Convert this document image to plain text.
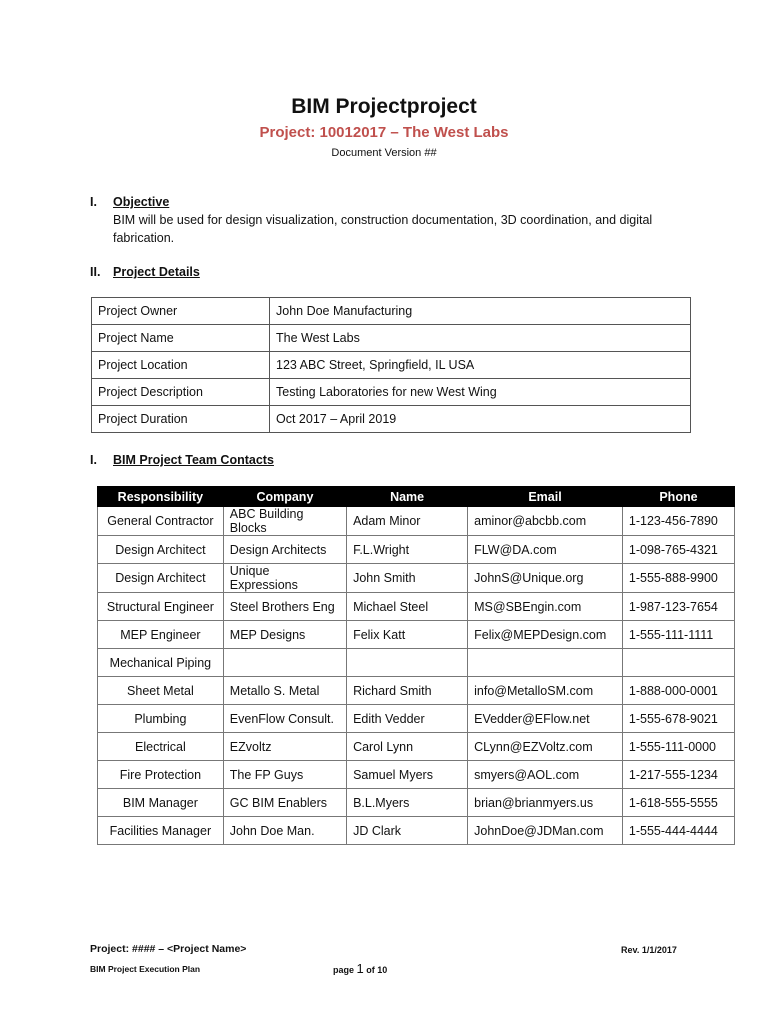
BIM Projectproject
Project: 10012017 – The West Labs
Document Version ##
I.	Objective
BIM will be used for design visualization, construction documentation, 3D coordination, and digital fabrication.
II.	Project Details
Project Owner	John Doe Manufacturing
Project Name	The West Labs
Project Location	123 ABC Street, Springfield, IL USA
Project Description	Testing Laboratories for new West Wing
Project Duration	Oct 2017 – April 2019
I.	BIM Project Team Contacts
Responsibility	Company	Name	Email	Phone
General Contractor	ABC Building Blocks	Adam Minor	aminor@abcbb.com	1-123-456-7890
Design Architect	Design Architects	F.L.Wright	FLW@DA.com	1-098-765-4321
Design Architect	Unique Expressions	John Smith	JohnS@Unique.org	1-555-888-9900
Structural Engineer	Steel Brothers Eng	Michael Steel	MS@SBEngin.com	1-987-123-7654
MEP Engineer	MEP Designs	Felix Katt	Felix@MEPDesign.com	1-555-111-1111
Mechanical Piping				
Sheet Metal	Metallo S. Metal	Richard Smith	info@MetalloSM.com	1-888-000-0001
Plumbing	EvenFlow Consult.	Edith Vedder	EVedder@EFlow.net	1-555-678-9021
Electrical	EZvoltz	Carol Lynn	CLynn@EZVoltz.com	1-555-111-0000
Fire Protection	The FP Guys	Samuel Myers	smyers@AOL.com	1-217-555-1234
BIM Manager	GC BIM Enablers	B.L.Myers	brian@brianmyers.us	1-618-555-5555
Facilities Manager	John Doe Man.	JD Clark	JohnDoe@JDMan.com	1-555-444-4444
Project: #### – <Project Name>	Rev. 1/1/2017
BIM Project Execution Plan	page 1 of 10
